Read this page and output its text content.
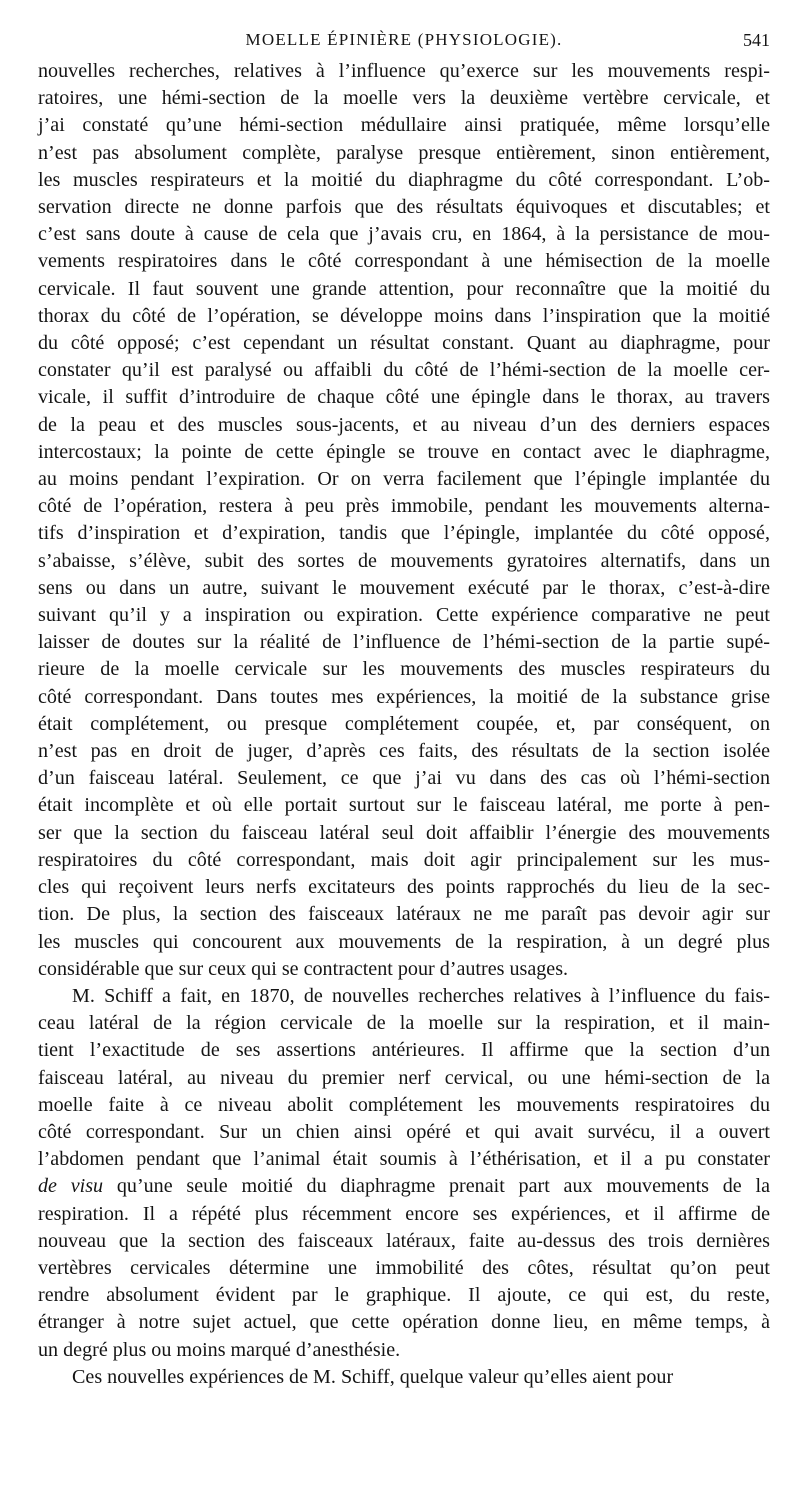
MOELLE ÉPINIÈRE (PHYSIOLOGIE).	541
nouvelles recherches, relatives à l’influence qu’exerce sur les mouvements respi-
ratoires, une hémi-section de la moelle vers la deuxième vertèbre cervicale, et
j’ai constaté qu’une hémi-section médullaire ainsi pratiquée, même lorsqu’elle
n’est pas absolument complète, paralyse presque entièrement, sinon entièrement,
les muscles respirateurs et la moitié du diaphragme du côté correspondant. L’ob-
servation directe ne donne parfois que des résultats équivoques et discutables; et
c’est sans doute à cause de cela que j’avais cru, en 1864, à la persistance de mou-
vements respiratoires dans le côté correspondant à une hémisection de la moelle
cervicale. Il faut souvent une grande attention, pour reconnaître que la moitié du
thorax du côté de l’opération, se développe moins dans l’inspiration que la moitié
du côté opposé; c’est cependant un résultat constant. Quant au diaphragme, pour
constater qu’il est paralysé ou affaibli du côté de l’hémi-section de la moelle cer-
vicale, il suffit d’introduire de chaque côté une épingle dans le thorax, au travers
de la peau et des muscles sous-jacents, et au niveau d’un des derniers espaces
intercostaux; la pointe de cette épingle se trouve en contact avec le diaphragme,
au moins pendant l’expiration. Or on verra facilement que l’épingle implantée du
côté de l’opération, restera à peu près immobile, pendant les mouvements alterna-
tifs d’inspiration et d’expiration, tandis que l’épingle, implantée du côté opposé,
s’abaisse, s’élève, subit des sortes de mouvements gyratoires alternatifs, dans un
sens ou dans un autre, suivant le mouvement exécuté par le thorax, c’est-à-dire
suivant qu’il y a inspiration ou expiration. Cette expérience comparative ne peut
laisser de doutes sur la réalité de l’influence de l’hémi-section de la partie supé-
rieure de la moelle cervicale sur les mouvements des muscles respirateurs du
côté correspondant. Dans toutes mes expériences, la moitié de la substance grise
était complétement, ou presque complétement coupée, et, par conséquent, on
n’est pas en droit de juger, d’après ces faits, des résultats de la section isolée
d’un faisceau latéral. Seulement, ce que j’ai vu dans des cas où l’hémi-section
était incomplète et où elle portait surtout sur le faisceau latéral, me porte à pen-
ser que la section du faisceau latéral seul doit affaiblir l’énergie des mouvements
respiratoires du côté correspondant, mais doit agir principalement sur les mus-
cles qui reçoivent leurs nerfs excitateurs des points rapprochés du lieu de la sec-
tion. De plus, la section des faisceaux latéraux ne me paraît pas devoir agir sur
les muscles qui concourent aux mouvements de la respiration, à un degré plus
considérable que sur ceux qui se contractent pour d’autres usages.
M. Schiff a fait, en 1870, de nouvelles recherches relatives à l’influence du fais-
ceau latéral de la région cervicale de la moelle sur la respiration, et il main-
tient l’exactitude de ses assertions antérieures. Il affirme que la section d’un
faisceau latéral, au niveau du premier nerf cervical, ou une hémi-section de la
moelle faite à ce niveau abolit complétement les mouvements respiratoires du
côté correspondant. Sur un chien ainsi opéré et qui avait survécu, il a ouvert
l’abdomen pendant que l’animal était soumis à l’éthérisation, et il a pu constater
de visu qu’une seule moitié du diaphragme prenait part aux mouvements de la
respiration. Il a répété plus récemment encore ses expériences, et il affirme de
nouveau que la section des faisceaux latéraux, faite au-dessus des trois dernières
vertèbres cervicales détermine une immobilité des côtes, résultat qu’on peut
rendre absolument évident par le graphique. Il ajoute, ce qui est, du reste,
étranger à notre sujet actuel, que cette opération donne lieu, en même temps, à
un degré plus ou moins marqué d’anesthésie.
Ces nouvelles expériences de M. Schiff, quelque valeur qu’elles aient pour
